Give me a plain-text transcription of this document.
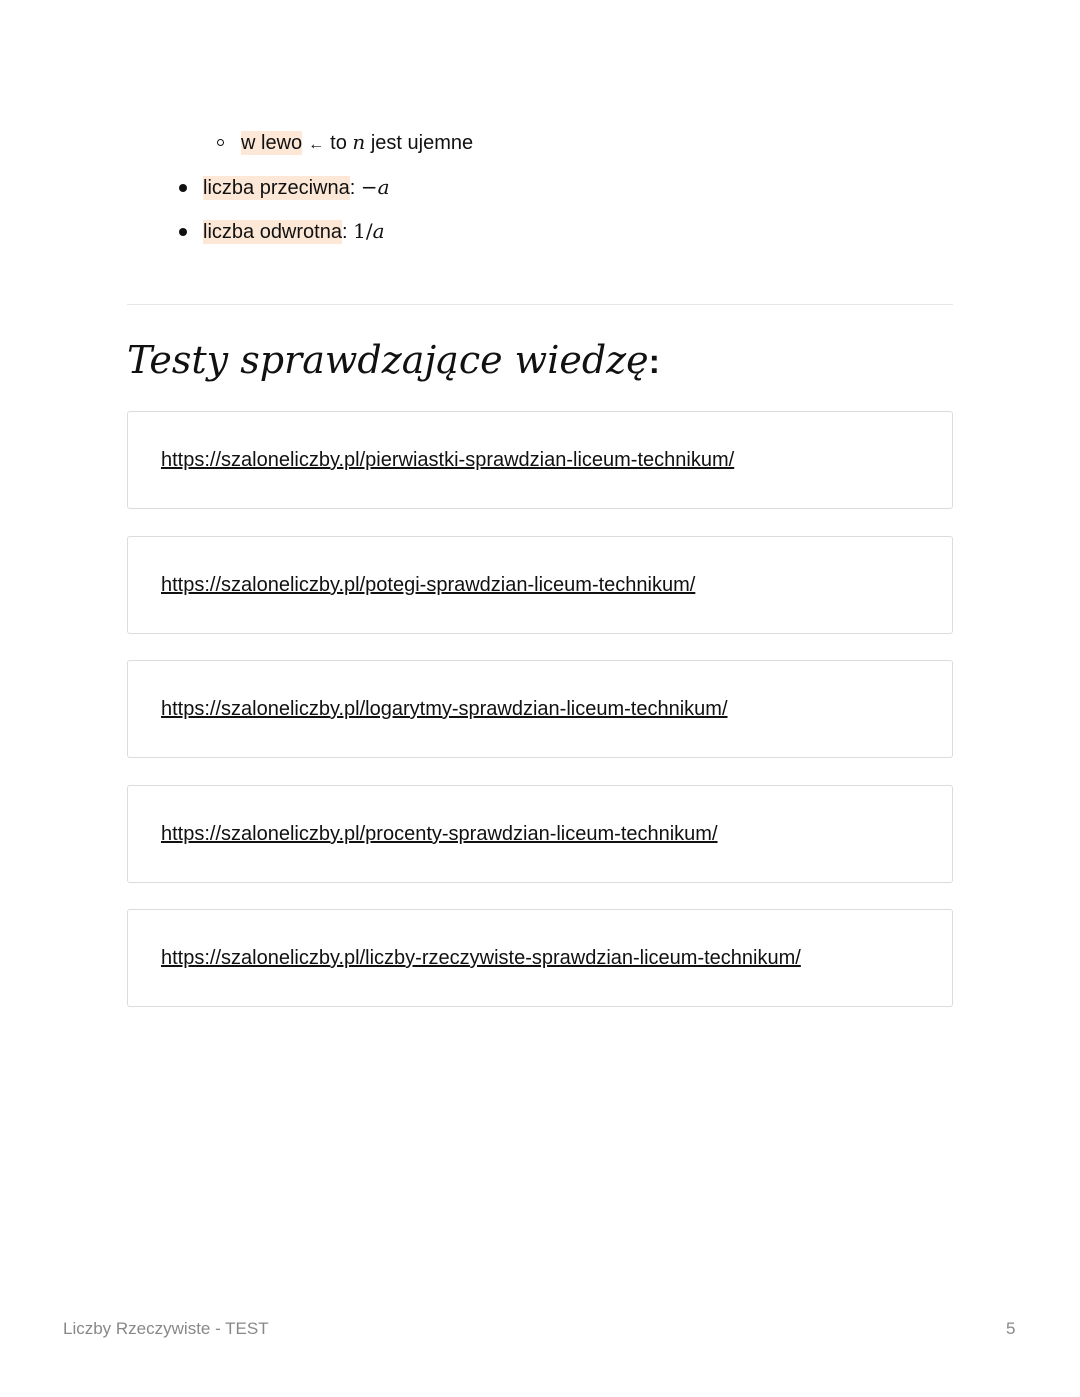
w lewo ← to n jest ujemne
liczba przeciwna: −a
liczba odwrotna: 1/a
Testy sprawdzające wiedzę:
https://szaloneliczby.pl/pierwiastki-sprawdzian-liceum-technikum/
https://szaloneliczby.pl/potegi-sprawdzian-liceum-technikum/
https://szaloneliczby.pl/logarytmy-sprawdzian-liceum-technikum/
https://szaloneliczby.pl/procenty-sprawdzian-liceum-technikum/
https://szaloneliczby.pl/liczby-rzeczywiste-sprawdzian-liceum-technikum/
Liczby Rzeczywiste - TEST	5
